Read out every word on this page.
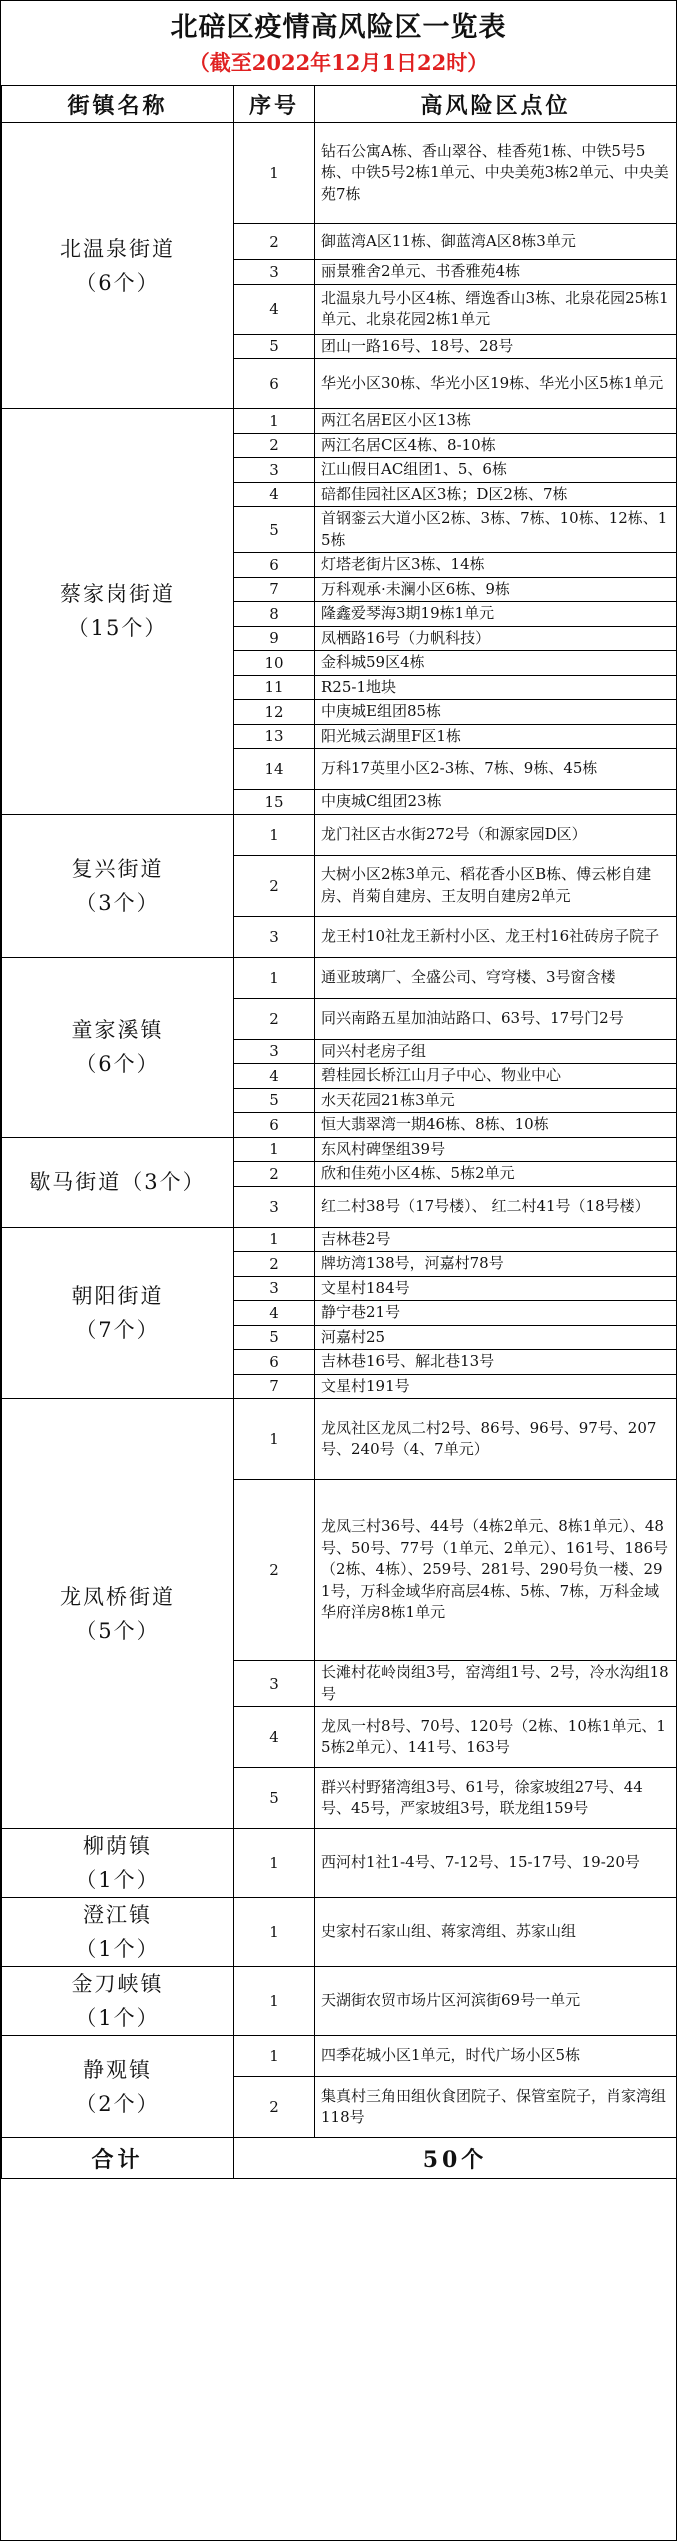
北碚区疫情高风险区一览表
（截至2022年12月1日22时）
街镇名称	序号	高风险区点位

北温泉街道
（6个）	1	钻石公寓A栋、香山翠谷、桂香苑1栋、中铁5号5栋、中铁5号2栋1单元、中央美苑3栋2单元、中央美苑7栋
	2	御蓝湾A区11栋、御蓝湾A区8栋3单元
	3	丽景雅舍2单元、书香雅苑4栋
	4	北温泉九号小区4栋、缙逸香山3栋、北泉花园25栋1单元、北泉花园2栋1单元
	5	团山一路16号、18号、28号
	6	华光小区30栋、华光小区19栋、华光小区5栋1单元

蔡家岗街道
（15个）	1	两江名居E区小区13栋
	2	两江名居C区4栋、8-10栋
	3	江山假日AC组团1、5、6栋
	4	碚都佳园社区A区3栋；D区2栋、7栋
	5	首钢銮云大道小区2栋、3栋、7栋、10栋、12栋、15栋
	6	灯塔老街片区3栋、14栋
	7	万科观承·未澜小区6栋、9栋
	8	隆鑫爱琴海3期19栋1单元
	9	凤栖路16号（力帆科技）
	10	金科城59区4栋
	11	R25-1地块
	12	中庚城E组团85栋
	13	阳光城云湖里F区1栋
	14	万科17英里小区2-3栋、7栋、9栋、45栋
	15	中庚城C组团23栋

复兴街道
（3个）	1	龙门社区古水街272号（和源家园D区）
	2	大树小区2栋3单元、稻花香小区B栋、傅云彬自建房、肖菊自建房、王友明自建房2单元
	3	龙王村10社龙王新村小区、龙王村16社砖房子院子

童家溪镇
（6个）	1	通亚玻璃厂、全盛公司、穹穹楼、3号窗含楼
	2	同兴南路五星加油站路口、63号、17号门2号
	3	同兴村老房子组
	4	碧桂园长桥江山月子中心、物业中心
	5	水天花园21栋3单元
	6	恒大翡翠湾一期46栋、8栋、10栋

歇马街道（3个）	1	东风村碑堡组39号
	2	欣和佳苑小区4栋、5栋2单元
	3	红二村38号（17号楼）、 红二村41号（18号楼）

朝阳街道
（7个）	1	吉林巷2号
	2	牌坊湾138号，河嘉村78号
	3	文星村184号
	4	静宁巷21号
	5	河嘉村25
	6	吉林巷16号、解北巷13号
	7	文星村191号

龙凤桥街道
（5个）	1	龙凤社区龙凤二村2号、86号、96号、97号、207号、240号（4、7单元）
	2	龙凤三村36号、44号（4栋2单元、8栋1单元）、48号、50号、77号（1单元、2单元）、161号、186号（2栋、4栋）、259号、281号、290号负一楼、291号，万科金域华府高层4栋、5栋、7栋，万科金域华府洋房8栋1单元
	3	长滩村花岭岗组3号，窑湾组1号、2号，冷水沟组18号
	4	龙凤一村8号、70号、120号（2栋、10栋1单元、15栋2单元）、141号、163号
	5	群兴村野猪湾组3号、61号，徐家坡组27号、44号、45号，严家坡组3号，联龙组159号

柳荫镇
（1个）	1	西河村1社1-4号、7-12号、15-17号、19-20号

澄江镇
（1个）	1	史家村石家山组、蒋家湾组、苏家山组

金刀峡镇
（1个）	1	天湖街农贸市场片区河滨街69号一单元

静观镇
（2个）	1	四季花城小区1单元，时代广场小区5栋
	2	集真村三角田组伙食团院子、保管室院子，肖家湾组118号
合计	50个	
